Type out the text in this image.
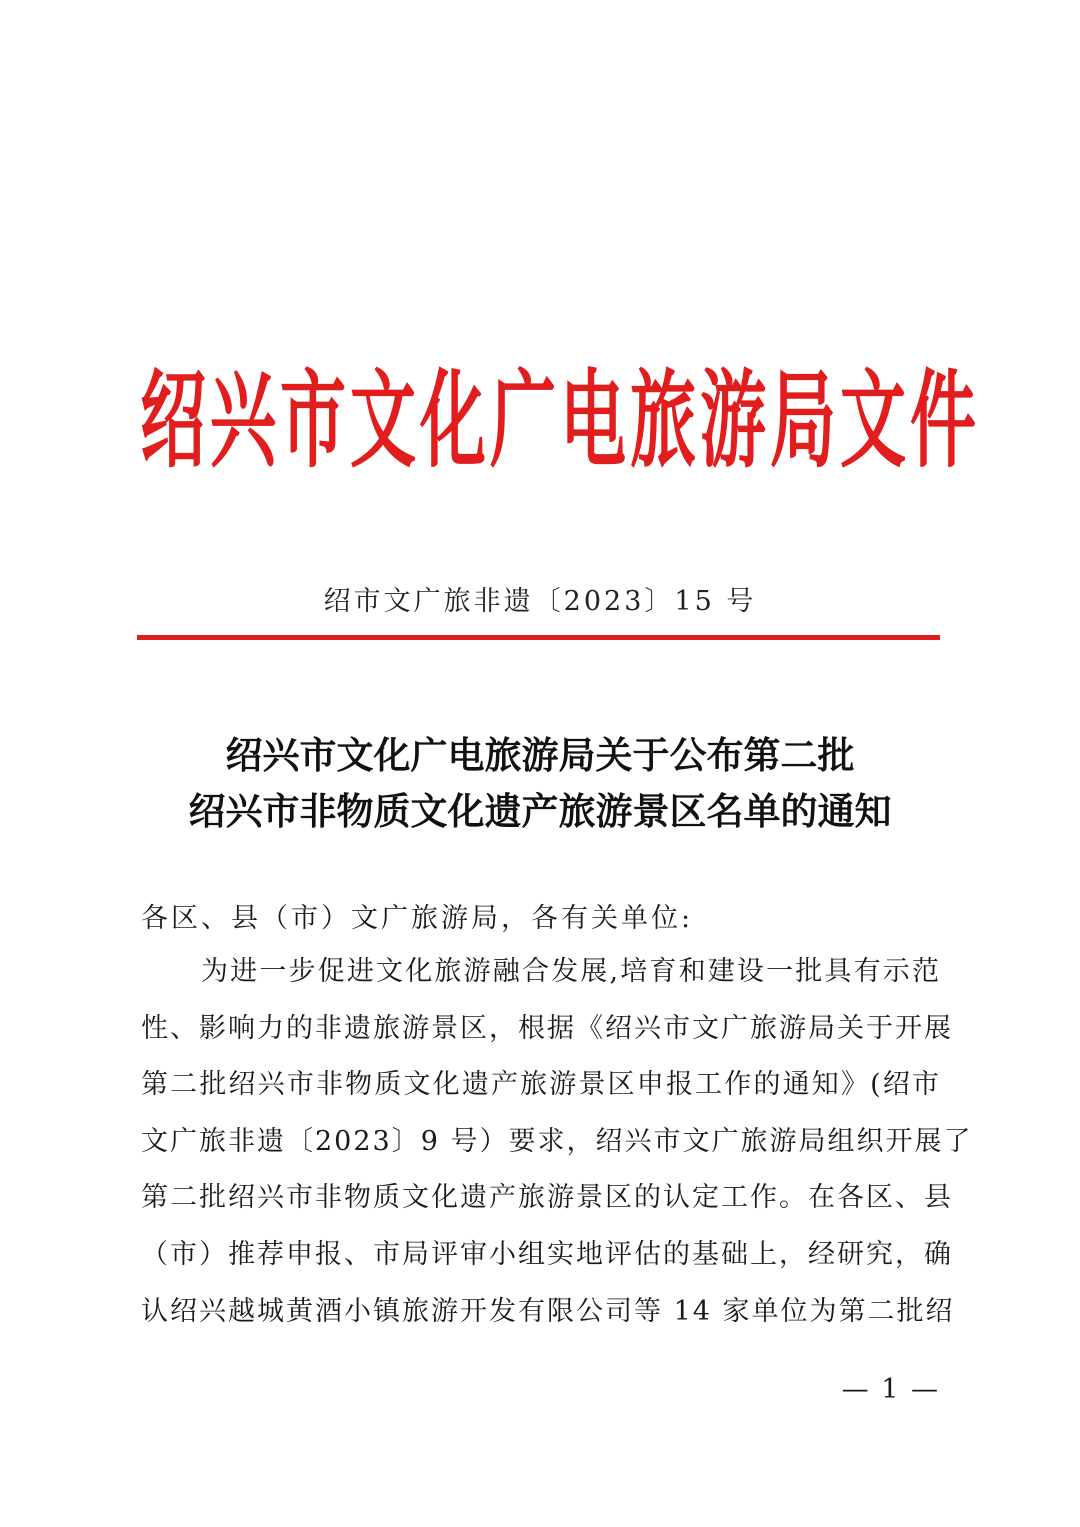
绍兴市文化广电旅游局文件
绍市文广旅非遗〔2023〕15 号
绍兴市文化广电旅游局关于公布第二批
绍兴市非物质文化遗产旅游景区名单的通知
各区、县（市）文广旅游局，各有关单位:
为进一步促进文化旅游融合发展,培育和建设一批具有示范
性、影响力的非遗旅游景区，根据《绍兴市文广旅游局关于开展
第二批绍兴市非物质文化遗产旅游景区申报工作的通知》(绍市
文广旅非遗〔2023〕9 号）要求，绍兴市文广旅游局组织开展了
第二批绍兴市非物质文化遗产旅游景区的认定工作。在各区、县
（市）推荐申报、市局评审小组实地评估的基础上，经研究，确
认绍兴越城黄酒小镇旅游开发有限公司等 14 家单位为第二批绍
— 1 —
